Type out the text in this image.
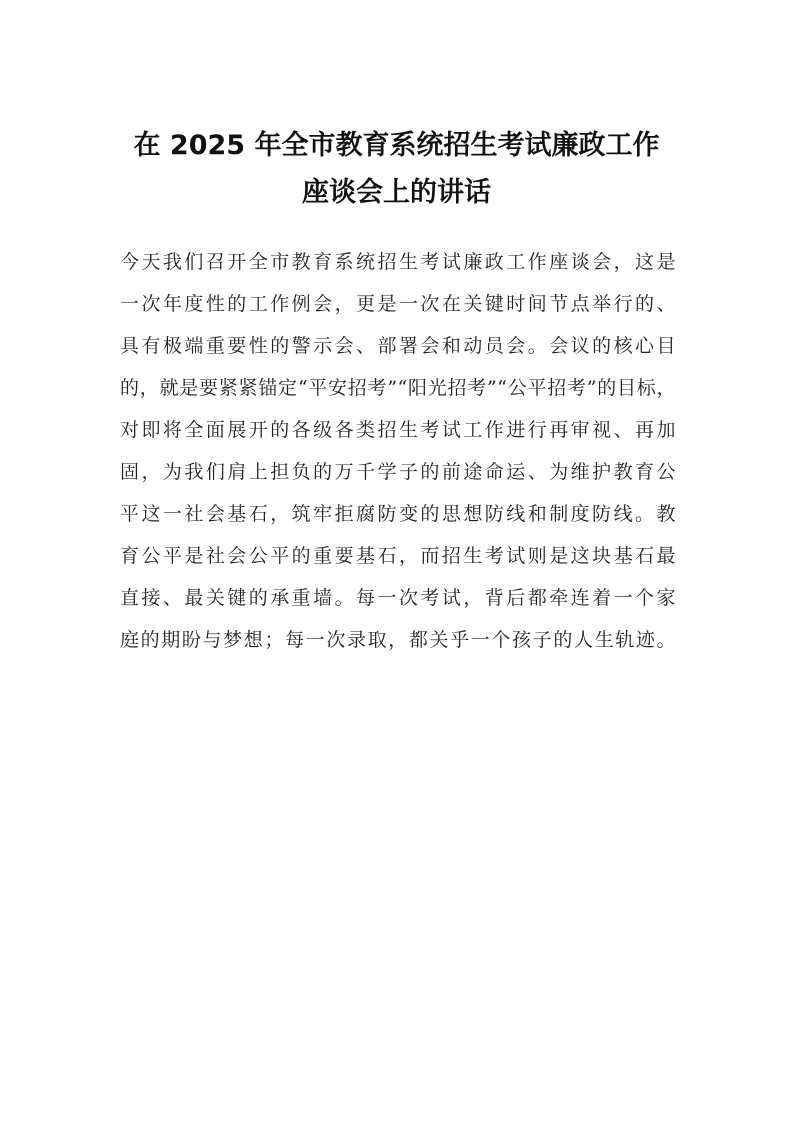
在 2025 年全市教育系统招生考试廉政工作
座谈会上的讲话
今天我们召开全市教育系统招生考试廉政工作座谈会，这是
一次年度性的工作例会，更是一次在关键时间节点举行的、
具有极端重要性的警示会、部署会和动员会。会议的核心目
的，就是要紧紧锚定“平安招考”“阳光招考”“公平招考”的目标，
对即将全面展开的各级各类招生考试工作进行再审视、再加
固，为我们肩上担负的万千学子的前途命运、为维护教育公
平这一社会基石，筑牢拒腐防变的思想防线和制度防线。教
育公平是社会公平的重要基石，而招生考试则是这块基石最
直接、最关键的承重墙。每一次考试，背后都牵连着一个家
庭的期盼与梦想；每一次录取，都关乎一个孩子的人生轨迹。
